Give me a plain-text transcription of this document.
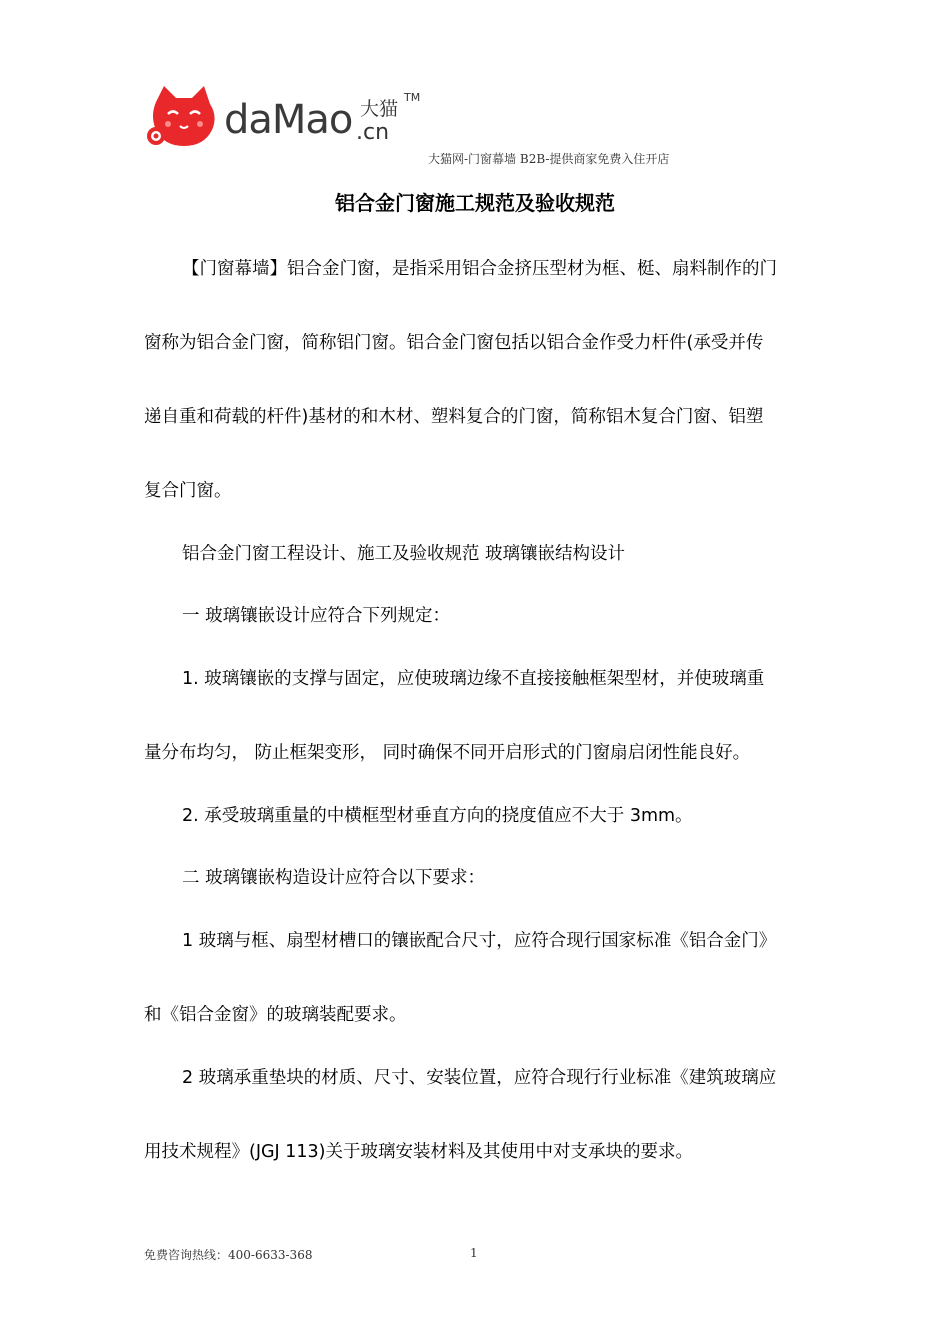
daMao 大猫
.cn
TM
大猫网-门窗幕墙 B2B-提供商家免费入住开店
铝合金门窗施工规范及验收规范
【门窗幕墙】铝合金门窗，是指采用铝合金挤压型材为框、梃、扇料制作的门
窗称为铝合金门窗，简称铝门窗。铝合金门窗包括以铝合金作受力杆件(承受并传
递自重和荷载的杆件)基材的和木材、塑料复合的门窗，简称铝木复合门窗、铝塑
复合门窗。
铝合金门窗工程设计、施工及验收规范 玻璃镶嵌结构设计
一 玻璃镶嵌设计应符合下列规定：
1. 玻璃镶嵌的支撑与固定，应使玻璃边缘不直接接触框架型材，并使玻璃重
量分布均匀， 防止框架变形， 同时确保不同开启形式的门窗扇启闭性能良好。
2. 承受玻璃重量的中横框型材垂直方向的挠度值应不大于 3mm。
二 玻璃镶嵌构造设计应符合以下要求：
1 玻璃与框、扇型材槽口的镶嵌配合尺寸，应符合现行国家标准《铝合金门》
和《铝合金窗》的玻璃装配要求。
2 玻璃承重垫块的材质、尺寸、安装位置，应符合现行行业标准《建筑玻璃应
用技术规程》(JGJ 113)关于玻璃安装材料及其使用中对支承块的要求。
免费咨询热线：400-6633-368	1
